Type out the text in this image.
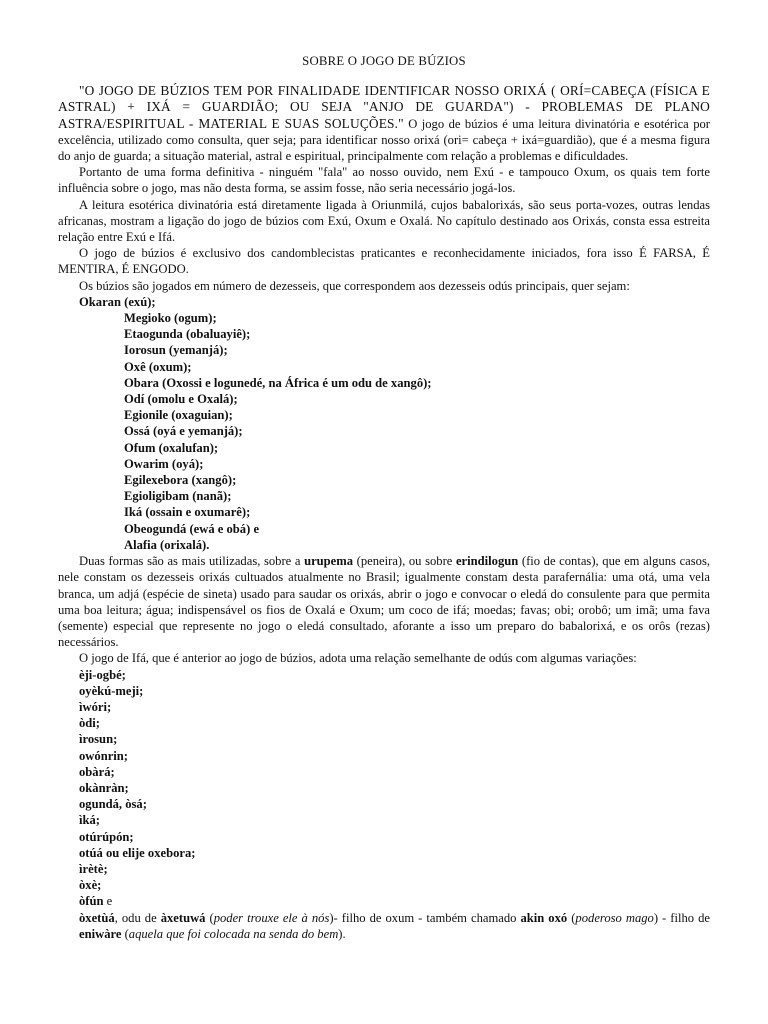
SOBRE O JOGO DE BÚZIOS

"O JOGO DE BÚZIOS TEM POR FINALIDADE IDENTIFICAR NOSSO ORIXÁ ( ORÍ=CABEÇA (FÍSICA E ASTRAL) + IXÁ = GUARDIÃO; OU SEJA "ANJO DE GUARDA") - PROBLEMAS DE PLANO ASTRA/ESPIRITUAL - MATERIAL E SUAS SOLUÇÕES." O jogo de búzios é uma leitura divinatória e esotérica por excelência, utilizado como consulta, quer seja; para identificar nosso orixá (ori= cabeça + ixá=guardião), que é a mesma figura do anjo de guarda; a situação material, astral e espiritual, principalmente com relação a problemas e dificuldades.

Portanto de uma forma definitiva - ninguém "fala" ao nosso ouvido, nem Exú - e tampouco Oxum, os quais tem forte influência sobre o jogo, mas não desta forma, se assim fosse, não seria necessário jogá-los.

A leitura esotérica divinatória está diretamente ligada à Oriunmilá, cujos babalorixás, são seus porta-vozes, outras lendas africanas, mostram a ligação do jogo de búzios com Exú, Oxum e Oxalá. No capítulo destinado aos Orixás, consta essa estreita relação entre Exú e Ifá.

O jogo de búzios é exclusivo dos candomblecistas praticantes e reconhecidamente iniciados, fora isso É FARSA, É MENTIRA, É ENGODO.

Os búzios são jogados em número de dezesseis, que correspondem aos dezesseis odús principais, quer sejam:

Okaran (exú);
Megioko (ogum);
Etaogunda (obaluayiê);
Iorosun (yemanjá);
Oxê (oxum);
Obara (Oxossi e logunedé, na África é um odu de xangô);
Odí (omolu e Oxalá);
Egionile (oxaguian);
Ossá (oyá e yemanjá);
Ofum (oxalufan);
Owarim (oyá);
Egilexebora (xangô);
Egioligibam (nanã);
Iká (ossain e oxumarê);
Obeogundá (ewá e obá) e
Alafia (orixalá).

Duas formas são as mais utilizadas, sobre a urupema (peneira), ou sobre erindilogun (fio de contas), que em alguns casos, nele constam os dezesseis orixás cultuados atualmente no Brasil; igualmente constam desta parafernália: uma otá, uma vela branca, um adjá (espécie de sineta) usado para saudar os orixás, abrir o jogo e convocar o eledá do consulente para que permita uma boa leitura; água; indispensável os fios de Oxalá e Oxum; um coco de ifá; moedas; favas; obi; orobô; um imã; uma fava (semente) especial que represente no jogo o eledá consultado, aforante a isso um preparo do babalorixá, e os orôs (rezas) necessários.

O jogo de Ifá, que é anterior ao jogo de búzios, adota uma relação semelhante de odús com algumas variações:

èji-ogbé;
oyèkú-meji;
ìwóri;
òdi;
ìrosun;
owónrin;
obàrá;
okànràn;
ogundá, òsá;
ìká;
otúrúpón;
otúá ou elije oxebora;
ìrètè;
òxè;
òfún e

òxetùá, odu de àxetuwá (poder trouxe ele à nós)- filho de oxum - também chamado akin oxó (poderoso mago) - filho de eniwàre (aquela que foi colocada na senda do bem).
